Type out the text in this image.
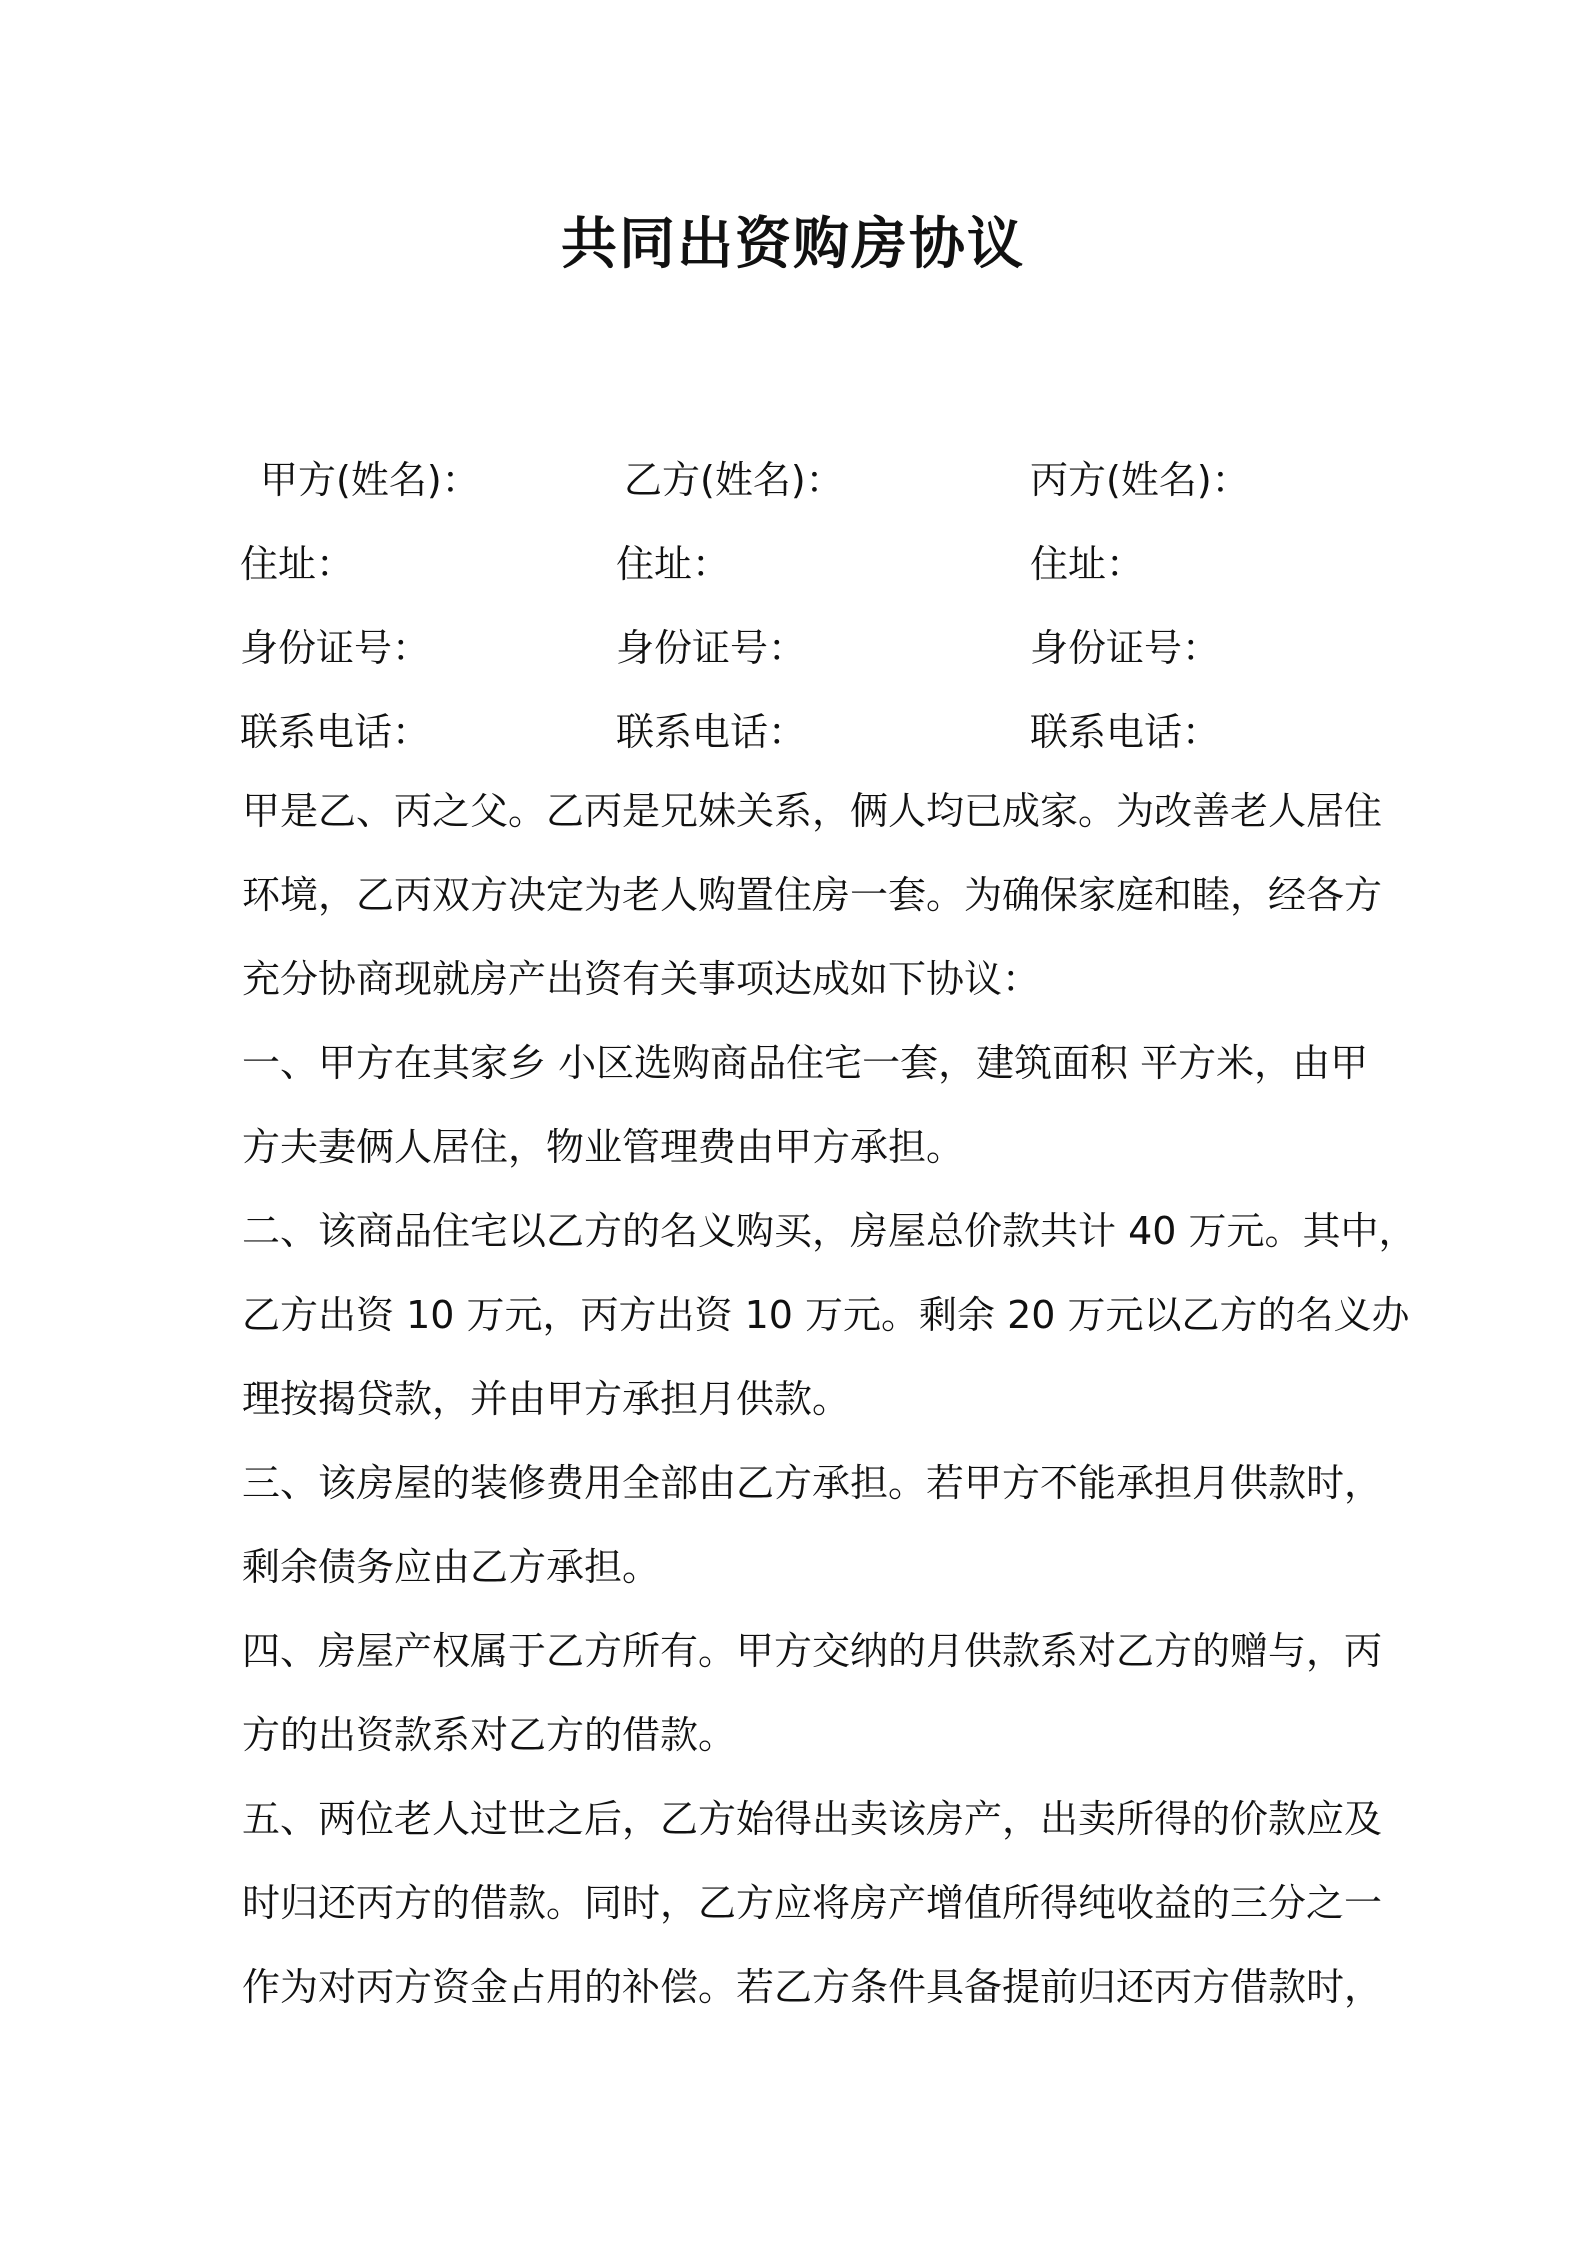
共同出资购房协议
甲方(姓名)：	乙方(姓名)：	丙方(姓名)：
住址：	住址：	住址：
身份证号：	身份证号：	身份证号：
联系电话：	联系电话：	联系电话：
甲是乙、丙之父。乙丙是兄妹关系，俩人均已成家。为改善老人居住
环境，乙丙双方决定为老人购置住房一套。为确保家庭和睦，经各方
充分协商现就房产出资有关事项达成如下协议：
一、甲方在其家乡 小区选购商品住宅一套，建筑面积 平方米，由甲
方夫妻俩人居住，物业管理费由甲方承担。
二、该商品住宅以乙方的名义购买，房屋总价款共计 40 万元。其中，
乙方出资 10 万元，丙方出资 10 万元。剩余 20 万元以乙方的名义办
理按揭贷款，并由甲方承担月供款。
三、该房屋的装修费用全部由乙方承担。若甲方不能承担月供款时，
剩余债务应由乙方承担。
四、房屋产权属于乙方所有。甲方交纳的月供款系对乙方的赠与，丙
方的出资款系对乙方的借款。
五、两位老人过世之后，乙方始得出卖该房产，出卖所得的价款应及
时归还丙方的借款。同时，乙方应将房产增值所得纯收益的三分之一
作为对丙方资金占用的补偿。若乙方条件具备提前归还丙方借款时，
